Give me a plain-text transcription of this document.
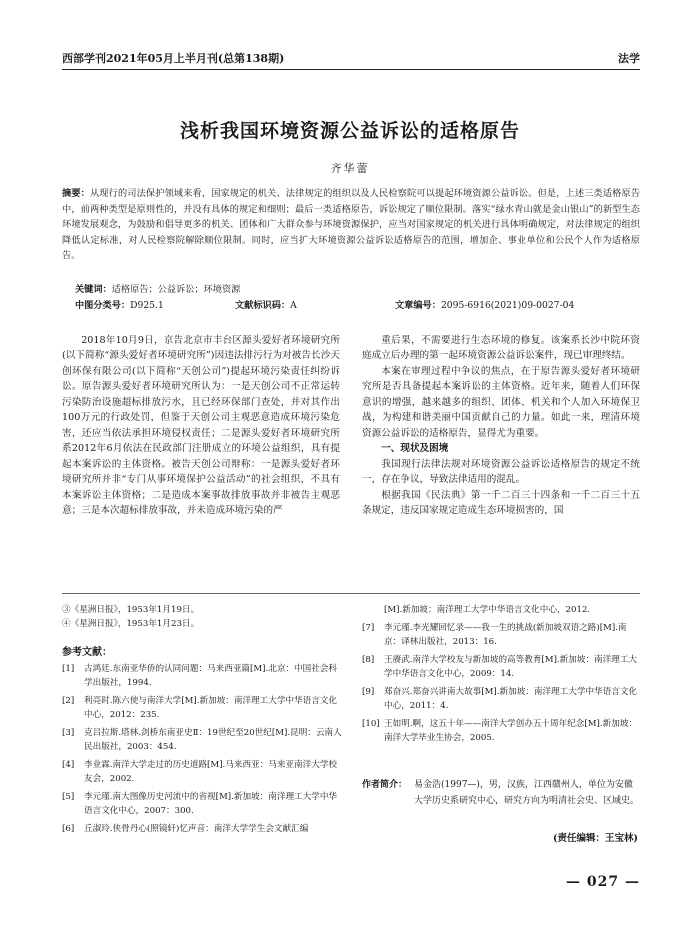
西部学刊2021年05月上半月刊(总第138期)	法学
浅析我国环境资源公益诉讼的适格原告
齐华蕾
摘要：从现行的司法保护领域来看，国家规定的机关、法律规定的组织以及人民检察院可以提起环境资源公益诉讼。但是，上述三类适格原告中，前两种类型是原则性的，并没有具体的规定和细则；最后一类适格原告，诉讼规定了顺位限制。落实“绿水青山就是金山银山”的新型生态环境发展观念，为鼓励和倡导更多的机关、团体和广大群众参与环境资源保护，应当对国家规定的机关进行具体明确规定，对法律规定的组织降低认定标准，对人民检察院解除顺位限制。同时，应当扩大环境资源公益诉讼适格原告的范围，增加企、事业单位和公民个人作为适格原告。
关键词：适格原告；公益诉讼；环境资源
中图分类号：D925.1	文献标识码：A	文章编号：2095-6916(2021)09-0027-04

2018年10月9日，京告北京市丰台区源头爱好者环境研究所(以下简称“源头爱好者环境研究所”)因违法排污行为对被告长沙天创环保有限公司(以下简称“天创公司”)提起环境污染责任纠纷诉讼。原告源头爱好者环境研究所认为：一是天创公司不正常运转污染防治设施超标排放污水，且已经环保部门查处，并对其作出100万元的行政处罚，但鉴于天创公司主观恶意造成环境污染危害，还应当依法承担环境侵权责任；二是源头爱好者环境研究所系2012年6月依法在民政部门注册成立的环境公益组织，具有提起本案诉讼的主体资格。被告天创公司辩称：一是源头爱好者环境研究所并非“专门从事环境保护公益活动”的社会组织，不具有本案诉讼主体资格；二是造成本案事故排放事故并非被告主观恶意；三是本次超标排放事故，并未造成环境污染的严

重后果，不需要进行生态环境的修复。该案系长沙中院环资庭成立后办理的第一起环境资源公益诉讼案件，现已审理终结。

本案在审理过程中争议的焦点，在于原告源头爱好者环境研究所是否具备提起本案诉讼的主体资格。近年来，随着人们环保意识的增强，越来越多的组织、团体、机关和个人加入环境保卫战，为构建和谐美丽中国贡献自己的力量。如此一来，理清环境资源公益诉讼的适格原告，显得尤为重要。

一、现状及困境

我国现行法律法规对环境资源公益诉讼适格原告的规定不统一，存在争议，导致法律适用的混乱。

根据我国《民法典》第一千二百三十四条和一千二百三十五条规定，违反国家规定造成生态环境损害的，国

③《星洲日报》，1953年1月19日。
④《星洲日报》，1953年1月23日。
参考文献：
[1]	古鸿廷.东南亚华侨的认同问题：马来西亚篇[M].北京：中国社会科学出版社，1994.
[2]	利亮时.陈六使与南洋大学[M].新加坡：南洋理工大学中华语言文化中心，2012：235.
[3]	克吕拉斯.塔林.剑桥东南亚史Ⅱ：19世纪至20世纪[M].昆明：云南人民出版社，2003：454.
[4]	李业霖.南洋大学走过的历史道路[M].马来西亚：马来亚南洋大学校友会，2002.
[5]	李元瑾.南大图像历史河流中的省视[M].新加坡：南洋理工大学中华语言文化中心，2007：300.
[6]	丘淑玲.侠骨丹心(照镜轩)忆声音：南洋大学学生会文献汇编
[M].新加坡：南洋理工大学中华语言文化中心，2012.
[7]	李元瑾.李光耀回忆录——我一生的挑战(新加坡双语之路)[M].南京：译林出版社，2013：16.
[8]	王赓武.南洋大学校友与新加坡的高等教育[M].新加坡：南洋理工大学中华语言文化中心，2009：14.
[9]	郑奋兴.郑奋兴讲南大故事[M].新加坡：南洋理工大学中华语言文化中心，2011：4.
[10] 王如明.啊，这五十年——南洋大学创办五十周年纪念[M].新加坡：南洋大学毕业生协会，2005.
作者简介： 易金浩(1997—)，男，汉族，江西赣州人，单位为安徽大学历史系研究中心，研究方向为明清社会史、区域史。
(责任编辑：王宝林)
— 027 —
